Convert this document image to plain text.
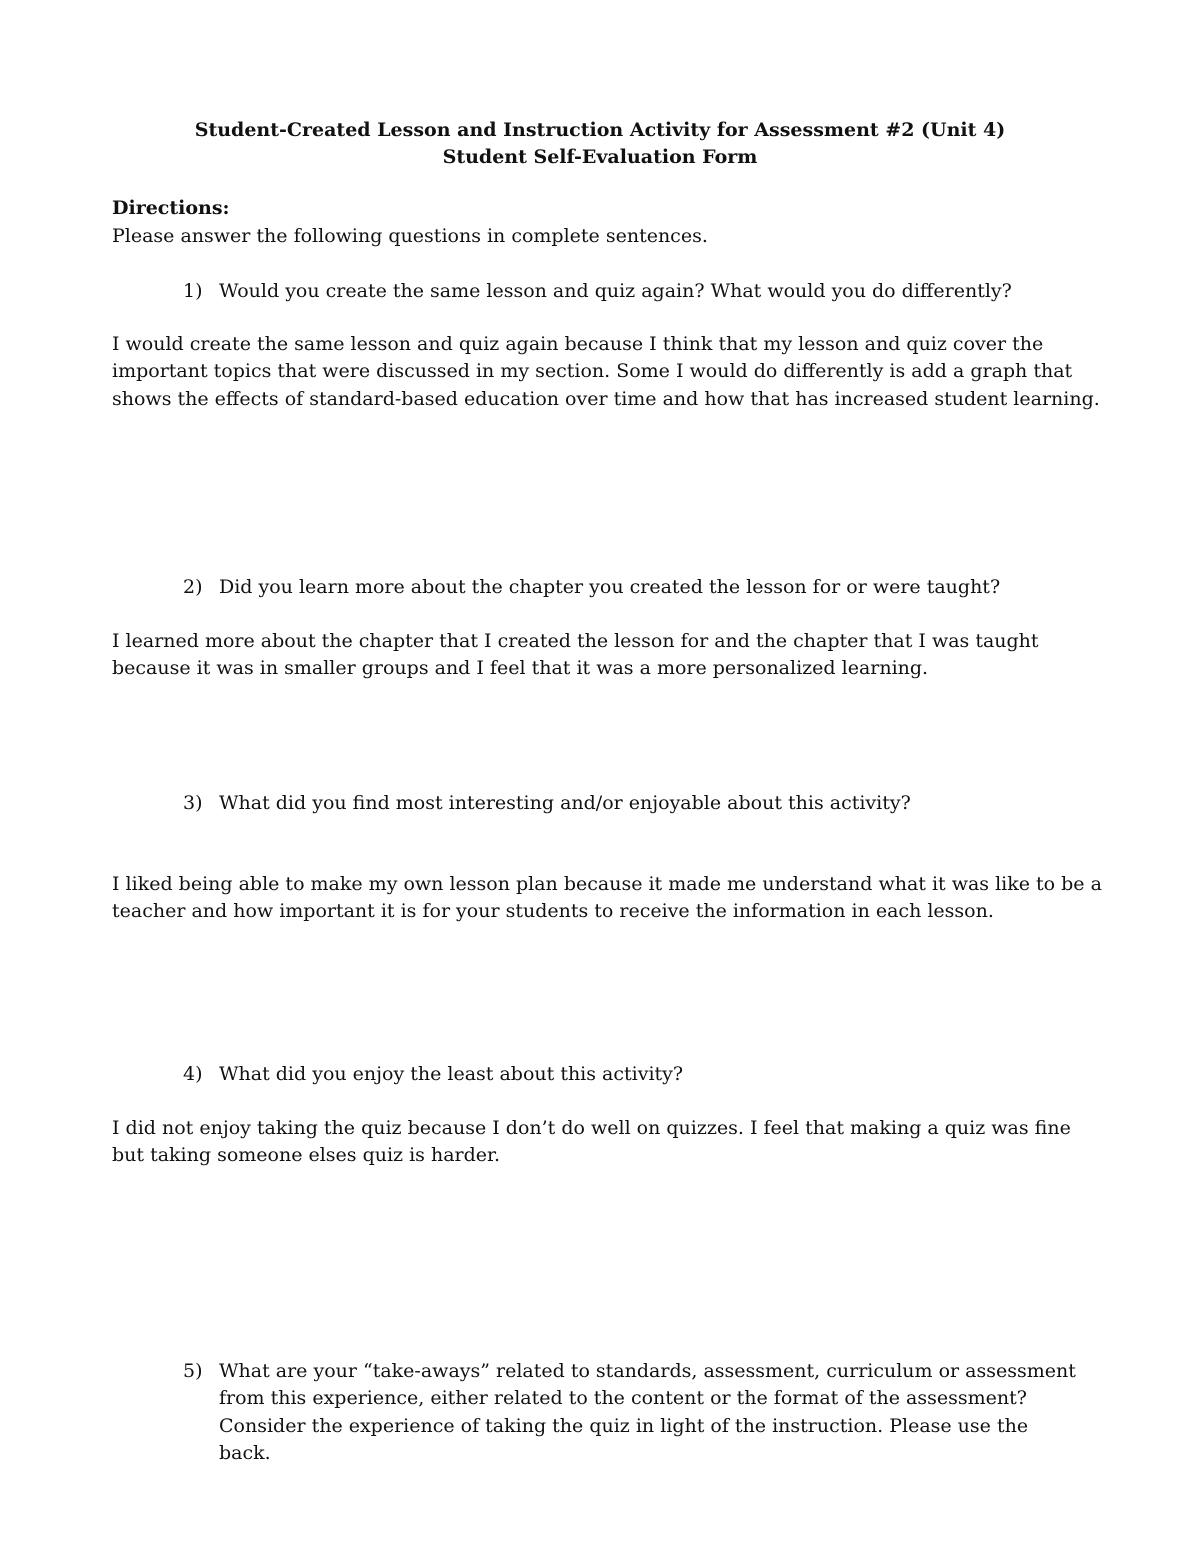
Student-Created Lesson and Instruction Activity for Assessment #2 (Unit 4)
Student Self-Evaluation Form
Directions:
Please answer the following questions in complete sentences.
1) Would you create the same lesson and quiz again? What would you do differently?
I would create the same lesson and quiz again because I think that my lesson and quiz cover the important topics that were discussed in my section. Some I would do differently is add a graph that shows the effects of standard-based education over time and how that has increased student learning.
2) Did you learn more about the chapter you created the lesson for or were taught?
I learned more about the chapter that I created the lesson for and the chapter that I was taught because it was in smaller groups and I feel that it was a more personalized learning.
3) What did you find most interesting and/or enjoyable about this activity?
I liked being able to make my own lesson plan because it made me understand what it was like to be a teacher and how important it is for your students to receive the information in each lesson.
4) What did you enjoy the least about this activity?
I did not enjoy taking the quiz because I don’t do well on quizzes. I feel that making a quiz was fine but taking someone elses quiz is harder.
5) What are your “take-aways” related to standards, assessment, curriculum or assessment from this experience, either related to the content or the format of the assessment? Consider the experience of taking the quiz in light of the instruction. Please use the back.
